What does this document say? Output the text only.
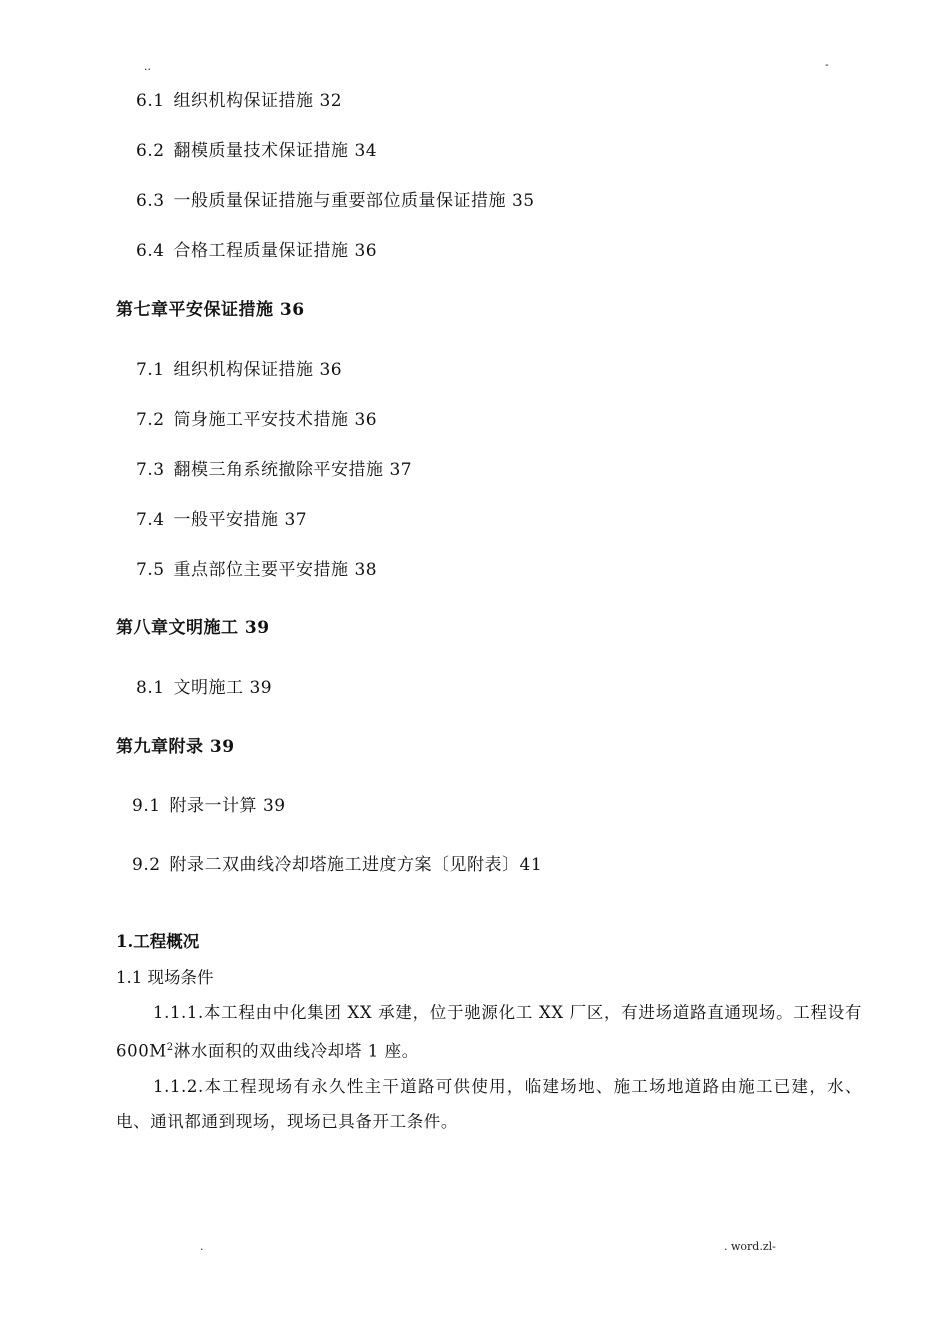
..	-
6.1 组织机构保证措施 32
6.2 翻模质量技术保证措施 34
6.3 一般质量保证措施与重要部位质量保证措施 35
6.4 合格工程质量保证措施 36
第七章平安保证措施 36
7.1 组织机构保证措施 36
7.2 筒身施工平安技术措施 36
7.3 翻模三角系统撤除平安措施 37
7.4 一般平安措施 37
7.5 重点部位主要平安措施 38
第八章文明施工 39
8.1 文明施工 39
第九章附录 39
9.1 附录一计算 39
9.2 附录二双曲线冷却塔施工进度方案〔见附表〕41
1.工程概况
1.1 现场条件

1.1.1.本工程由中化集团 XX 承建，位于驰源化工 XX 厂区，有进场道路直通现场。工程设有 $600M^2$淋水面积的双曲线冷却塔 1 座。

1.1.2.本工程现场有永久性主干道路可供使用，临建场地、施工场地道路由施工已建，水、电、通讯都通到现场，现场已具备开工条件。

.	. word.zl-
